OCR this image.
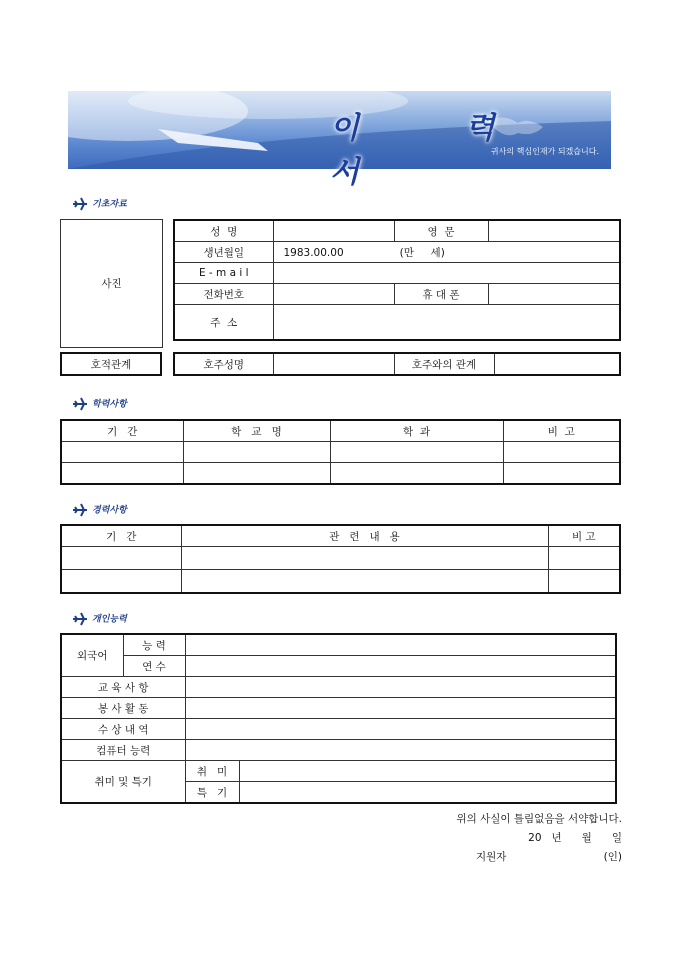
이 력 서
귀사의 핵심인재가 되겠습니다.
기초자료
사진
성  명		영  문	
생년월일	1983.00.00 (만     세)		
E - m a i l			
전화번호		휴 대 폰	
주  소			
호적관계	호주성명		호주와의 관계	
학력사항
기   간	학   교   명	학  과	비  고

경력사항
기   간	관   련   내   용	비 고

개인능력
외국어	능 력		
	연 수		
교 육 사 항			
봉 사 활 동			
수 상 내 역			
컴퓨터 능력			
취미 및 특기		취   미	
		특   기	
위의 사실이 틀림없음을 서약합니다.
20   년      월      일
지원자	(인)
